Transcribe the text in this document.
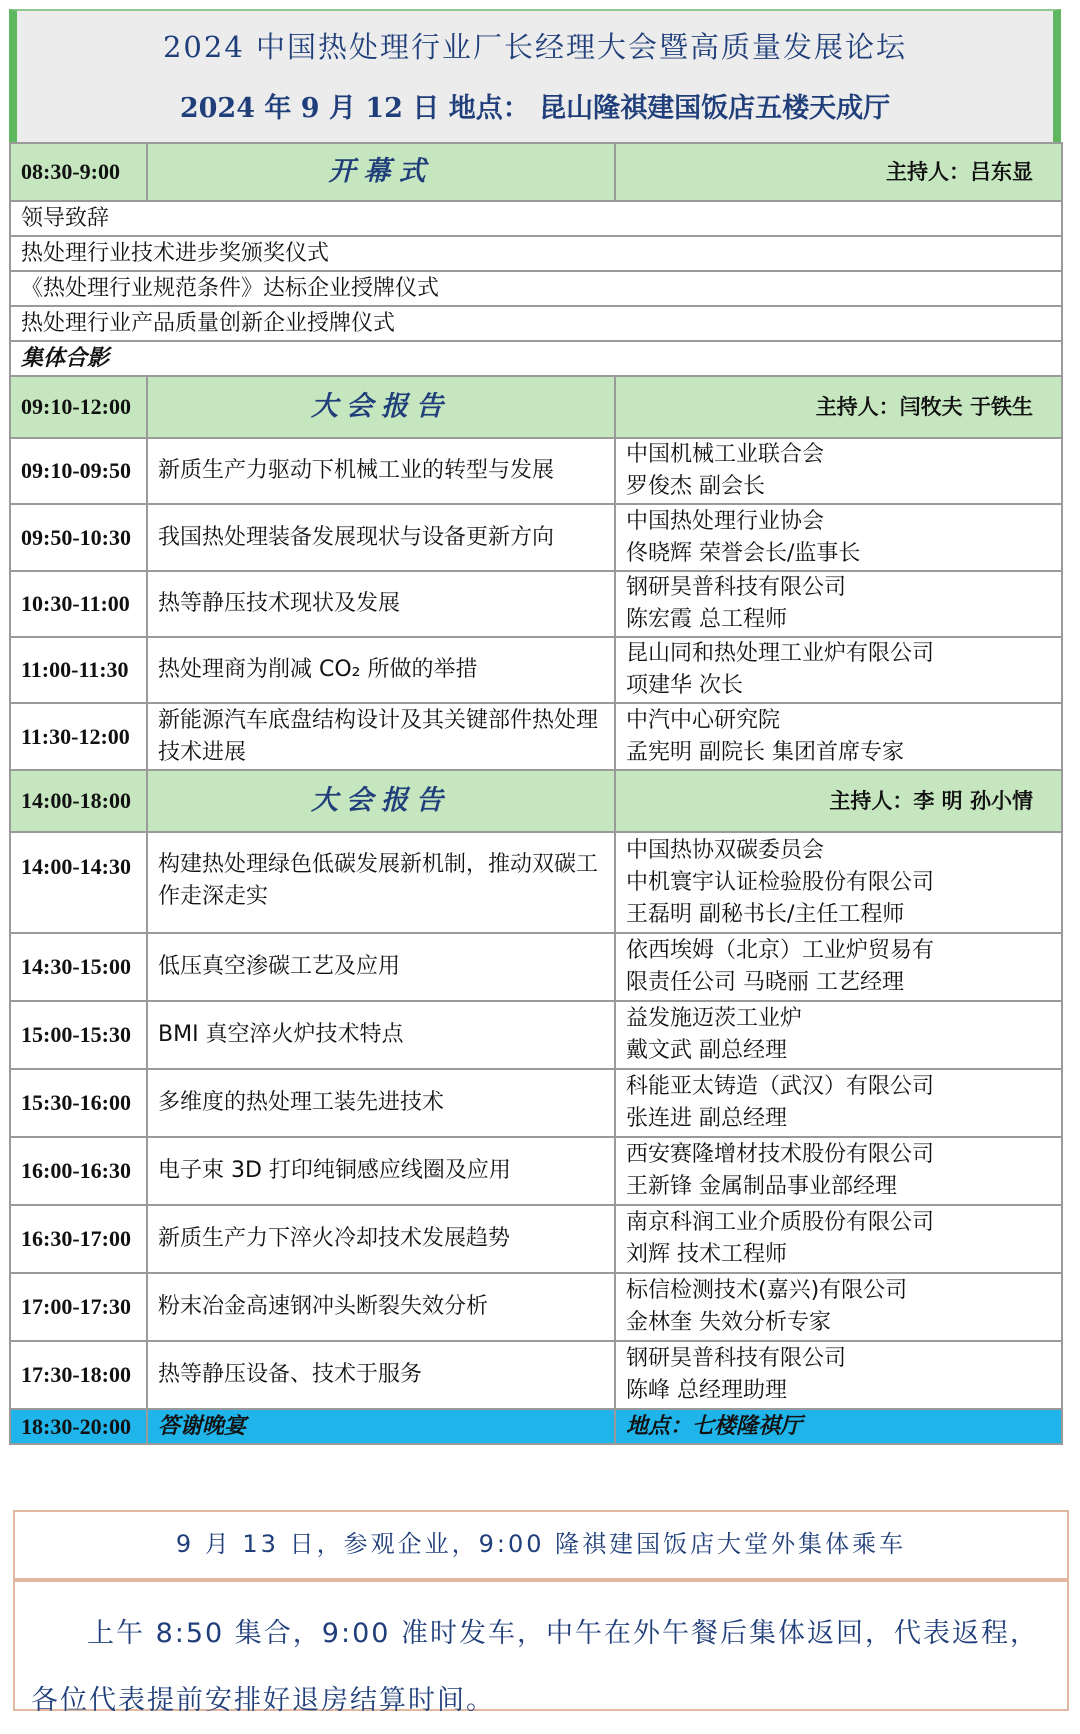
2024 中国热处理行业厂长经理大会暨高质量发展论坛
2024 年 9 月 12 日 地点： 昆山隆祺建国饭店五楼天成厅
08:30-9:00	开幕式	主持人：吕东显
领导致辞		
热处理行业技术进步奖颁奖仪式		
《热处理行业规范条件》达标企业授牌仪式		
热处理行业产品质量创新企业授牌仪式		
集体合影		
09:10-12:00	大会报告	主持人：闫牧夫 于铁生
09:10-09:50	新质生产力驱动下机械工业的转型与发展	中国机械工业联合会
罗俊杰 副会长

09:50-10:30	我国热处理装备发展现状与设备更新方向	中国热处理行业协会
佟晓辉 荣誉会长/监事长

10:30-11:00	热等静压技术现状及发展	钢研昊普科技有限公司
陈宏霞 总工程师

11:00-11:30	热处理商为削减 CO₂ 所做的举措	昆山同和热处理工业炉有限公司
项建华 次长

11:30-12:00	新能源汽车底盘结构设计及其关键部件热处理技术进展	中汽中心研究院
孟宪明 副院长 集团首席专家

14:00-18:00	大会报告	主持人：李 明 孙小情
14:00-14:30	构建热处理绿色低碳发展新机制，推动双碳工作走深走实	中国热协双碳委员会
中机寰宇认证检验股份有限公司
王磊明 副秘书长/主任工程师

14:30-15:00	低压真空渗碳工艺及应用	依西埃姆（北京）工业炉贸易有
限责任公司 马晓丽 工艺经理

15:00-15:30	BMI 真空淬火炉技术特点	益发施迈茨工业炉
戴文武 副总经理

15:30-16:00	多维度的热处理工装先进技术	科能亚太铸造（武汉）有限公司
张连进 副总经理

16:00-16:30	电子束 3D 打印纯铜感应线圈及应用	西安赛隆增材技术股份有限公司
王新锋 金属制品事业部经理

16:30-17:00	新质生产力下淬火冷却技术发展趋势	南京科润工业介质股份有限公司
刘辉 技术工程师

17:00-17:30	粉末冶金高速钢冲头断裂失效分析	标信检测技术(嘉兴)有限公司
金林奎 失效分析专家

17:30-18:00	热等静压设备、技术于服务	钢研昊普科技有限公司
陈峰 总经理助理

18:30-20:00	答谢晚宴	地点：七楼隆祺厅
9 月 13 日，参观企业，9:00 隆祺建国饭店大堂外集体乘车
上午 8:50 集合，9:00 准时发车，中午在外午餐后集体返回，代表返程，各位代表提前安排好退房结算时间。
